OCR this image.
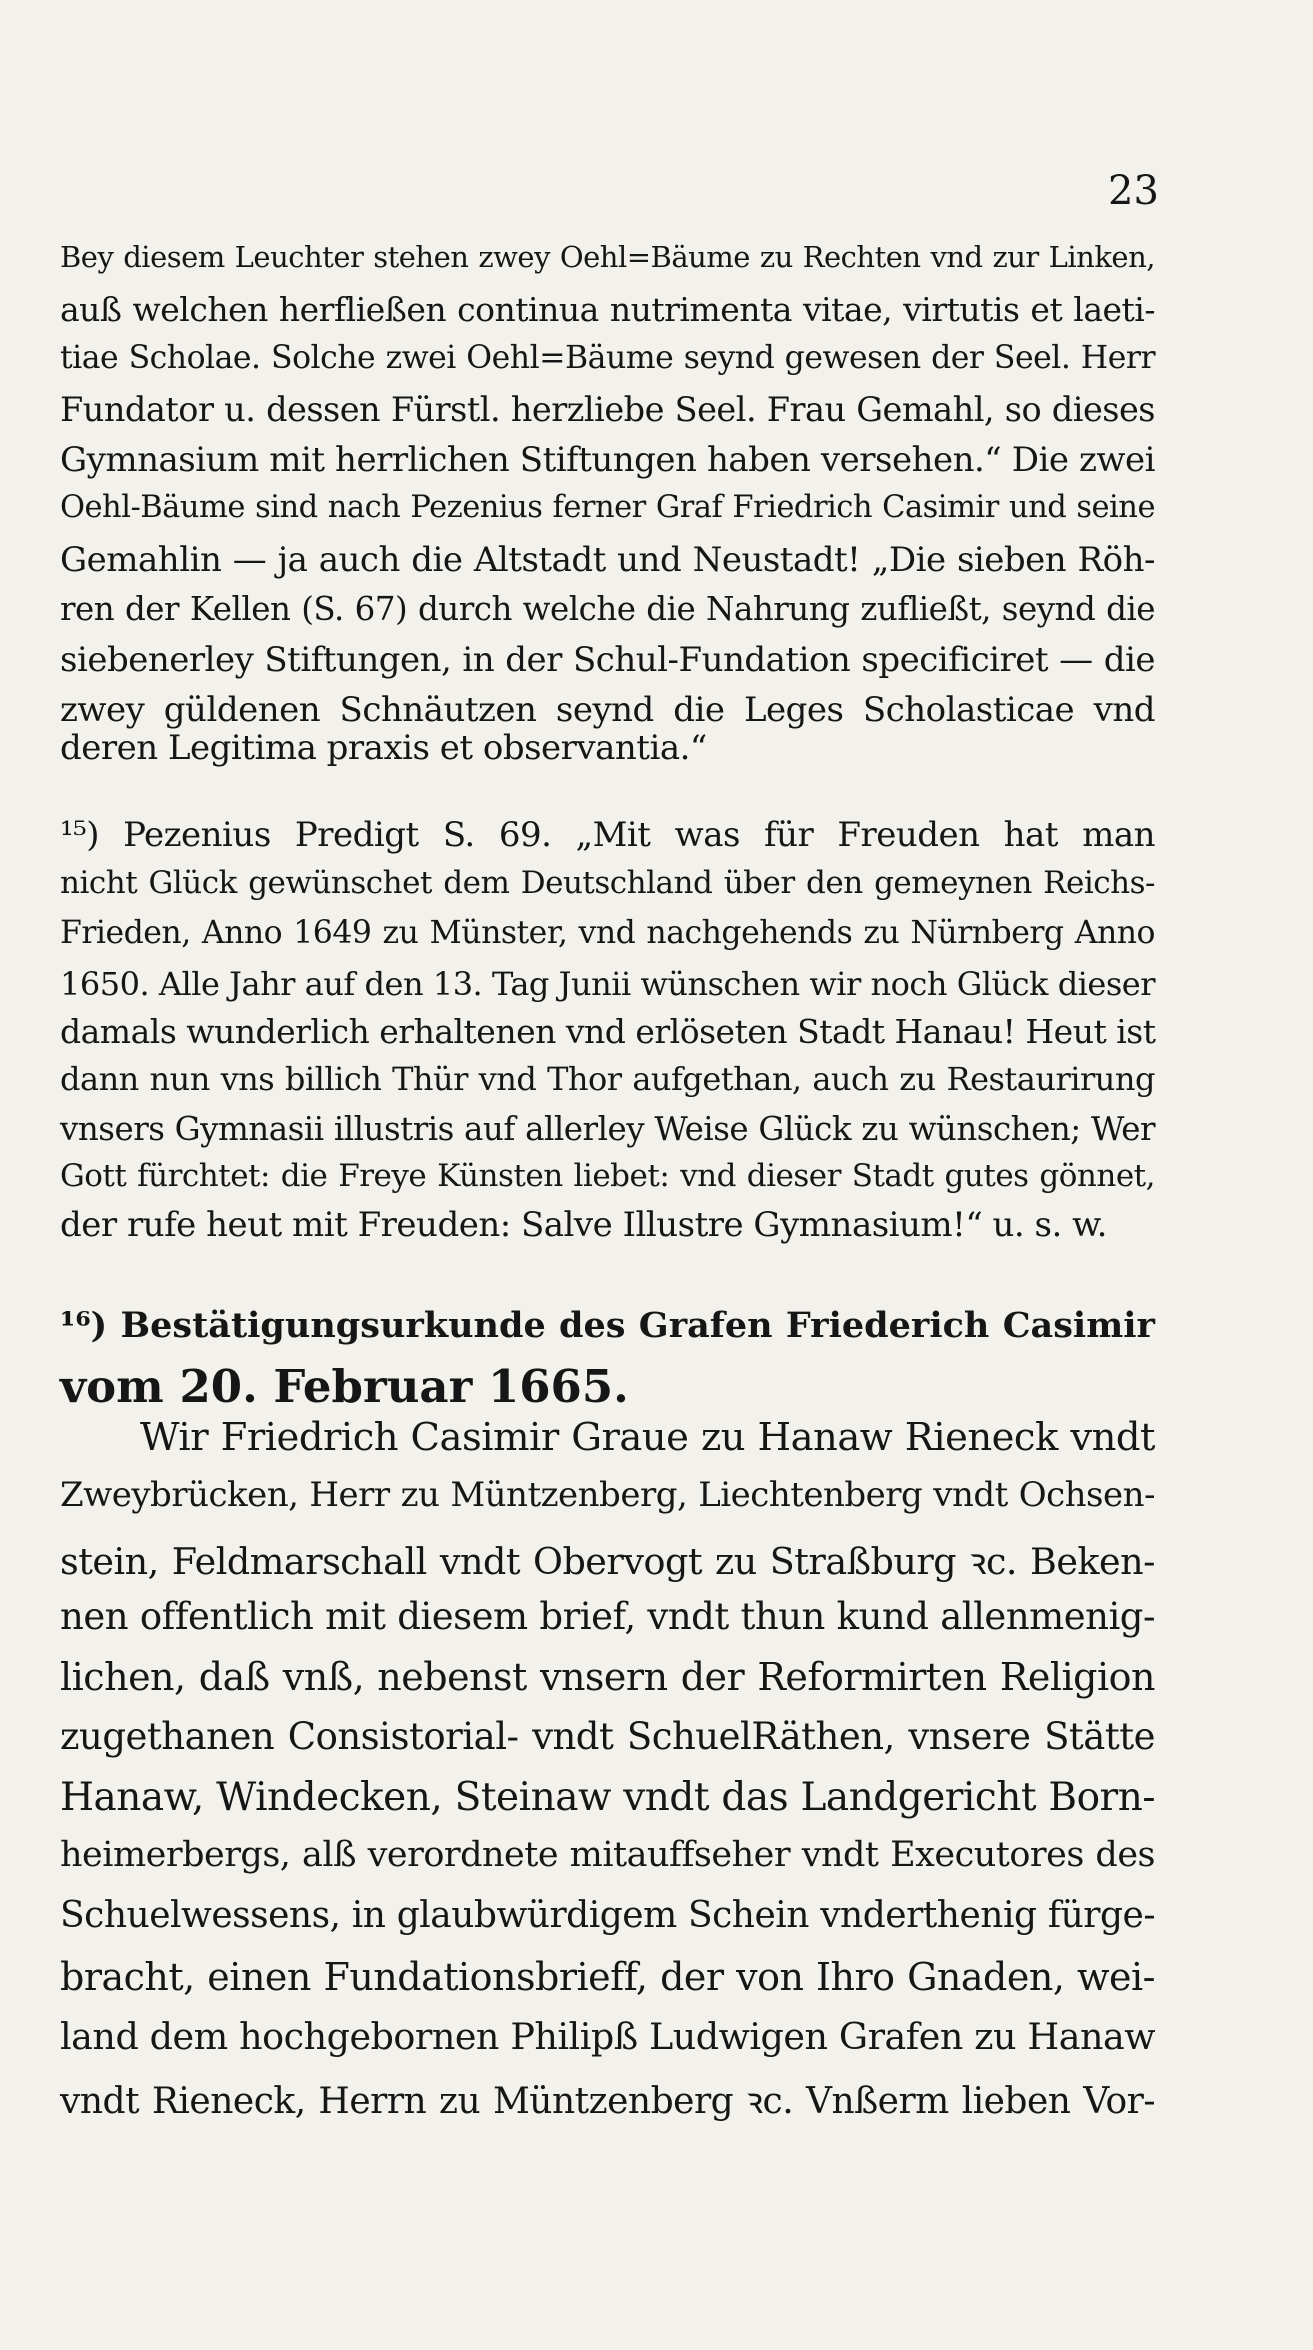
23
Bey diesem Leuchter stehen zwey Oehl=Bäume zu Rechten vnd zur Linken,
auß welchen herfließen continua nutrimenta vitae, virtutis et laeti-
tiae Scholae. Solche zwei Oehl=Bäume seynd gewesen der Seel. Herr
Fundator u. dessen Fürstl. herzliebe Seel. Frau Gemahl, so dieses
Gymnasium mit herrlichen Stiftungen haben versehen.“ Die zwei
Oehl-Bäume sind nach Pezenius ferner Graf Friedrich Casimir und seine
Gemahlin — ja auch die Altstadt und Neustadt! „Die sieben Röh-
ren der Kellen (S. 67) durch welche die Nahrung zufließt, seynd die
siebenerley Stiftungen, in der Schul-Fundation specificiret — die
zwey güldenen Schnäutzen seynd die Leges Scholasticae vnd
deren Legitima praxis et observantia.“
¹⁵) Pezenius Predigt S. 69. „Mit was für Freuden hat man
nicht Glück gewünschet dem Deutschland über den gemeynen Reichs-
Frieden, Anno 1649 zu Münster, vnd nachgehends zu Nürnberg Anno
1650. Alle Jahr auf den 13. Tag Junii wünschen wir noch Glück dieser
damals wunderlich erhaltenen vnd erlöseten Stadt Hanau! Heut ist
dann nun vns billich Thür vnd Thor aufgethan, auch zu Restaurirung
vnsers Gymnasii illustris auf allerley Weise Glück zu wünschen; Wer
Gott fürchtet: die Freye Künsten liebet: vnd dieser Stadt gutes gönnet,
der rufe heut mit Freuden: Salve Illustre Gymnasium!“ u. s. w.
¹⁶) Bestätigungsurkunde des Grafen Friederich Casimir
vom 20. Februar 1665.
Wir Friedrich Casimir Graue zu Hanaw Rieneck vndt
Zweybrücken, Herr zu Müntzenberg, Liechtenberg vndt Ochsen-
stein, Feldmarschall vndt Obervogt zu Straßburg ꝛc. Beken-
nen offentlich mit diesem brief, vndt thun kund allenmenig-
lichen, daß vnß, nebenst vnsern der Reformirten Religion
zugethanen Consistorial- vndt SchuelRäthen, vnsere Stätte
Hanaw, Windecken, Steinaw vndt das Landgericht Born-
heimerbergs, alß verordnete mitauffseher vndt Executores des
Schuelwessens, in glaubwürdigem Schein vnderthenig fürge-
bracht, einen Fundationsbrieff, der von Ihro Gnaden, wei-
land dem hochgebornen Philipß Ludwigen Grafen zu Hanaw
vndt Rieneck, Herrn zu Müntzenberg ꝛc. Vnßerm lieben Vor-
